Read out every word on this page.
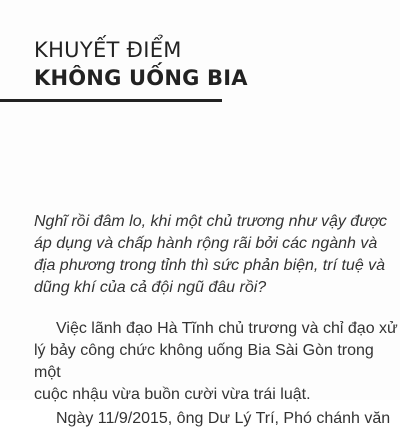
KHUYẾT ĐIỂM
KHÔNG UỐNG BIA

Nghĩ rồi đâm lo, khi một chủ trương như vậy được
áp dụng và chấp hành rộng rãi bởi các ngành và
địa phương trong tỉnh thì sức phản biện, trí tuệ và
dũng khí của cả đội ngũ đâu rồi?

Việc lãnh đạo Hà Tĩnh chủ trương và chỉ đạo xử
lý bảy công chức không uống Bia Sài Gòn trong một
cuộc nhậu vừa buồn cười vừa trái luật.

Ngày 11/9/2015, ông Dư Lý Trí, Phó chánh văn
